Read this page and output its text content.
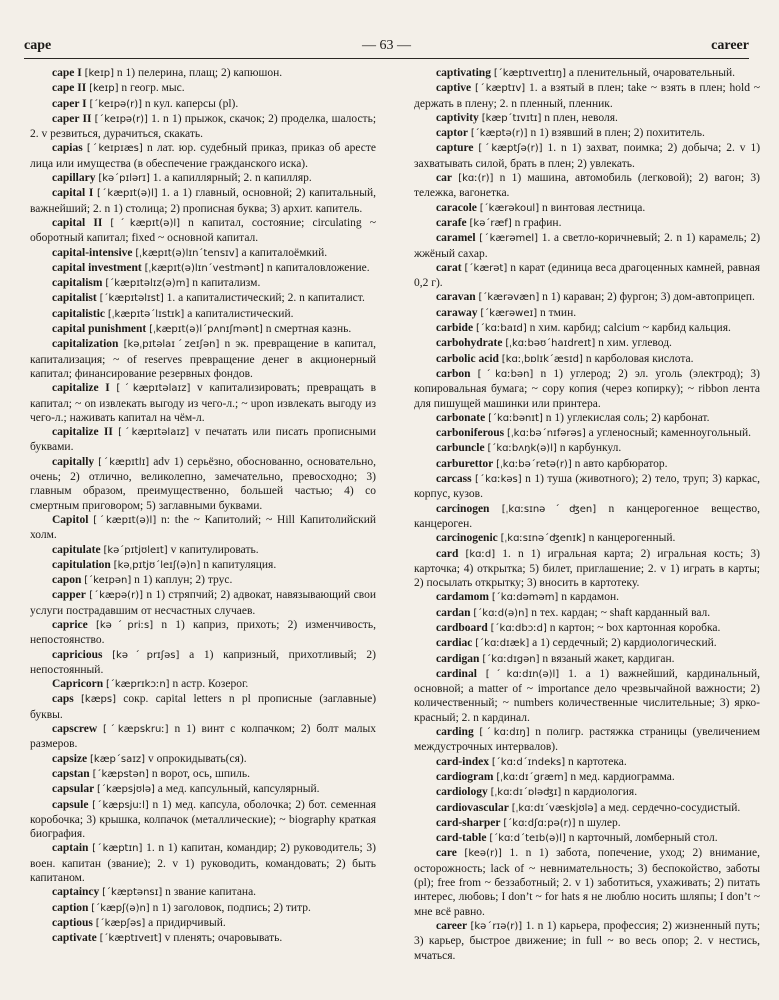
cape	— 63 —	career

cape I [keɪp] n 1) пелерина, плащ; 2) капюшон.

cape II [keɪp] n геогр. мыс.

caper I [ˊkeɪpə(r)] n кул. каперсы (pl).

caper II [ˊkeɪpə(r)] 1. n 1) прыжок, скачок; 2) проделка, шалость; 2. v резвиться, дурачиться, скакать.

capias [ˊkeɪpɪæs] n лат. юр. судебный приказ, приказ об аресте лица или имущества (в обеспечение гражданского иска).

capillary [kəˊpɪlərɪ] 1. a капиллярный; 2. n капилляр.

capital I [ˊkæpɪt(ə)l] 1. a 1) главный, основной; 2) капитальный, важнейший; 2. n 1) столица; 2) прописная буква; 3) архит. капитель.

capital II [ˊkæpɪt(ə)l] n капитал, состояние; circulating ~ оборотный капитал; fixed ~ основной капитал.

capital-intensive [ˌkæpɪt(ə)lɪnˊtensɪv] a капиталоёмкий.

capital investment [ˌkæpɪt(ə)lɪnˊvestmənt] n капиталовложение.

capitalism [ˊkæpɪtəlɪz(ə)m] n капитализм.

capitalist [ˊkæpɪtəlɪst] 1. a капиталистический; 2. n капиталист.

capitalistic [ˌkæpɪtəˊlɪstɪk] a капиталистический.

capital punishment [ˌkæpɪt(ə)lˊpʌnɪʃmənt] n смертная казнь.

capitalization [kəˌpɪtəlaɪˊzeɪʃən] n эк. превращение в капитал, капитализация; ~ of reserves превращение денег в акционерный капитал; финансирование резервных фондов.

capitalize I [ˊkæpɪtəlaɪz] v капитализировать; превращать в капитал; ~ on извлекать выгоду из чего-л.; ~ upon извлекать выгоду из чего-л.; наживать капитал на чём-л.

capitalize II [ˊkæpɪtəlaɪz] v печатать или писать прописными буквами.

capitally [ˊkæpɪtlɪ] adv 1) серьёзно, обоснованно, основательно, очень; 2) отлично, великолепно, замечательно, превосходно; 3) главным образом, преимущественно, большей частью; 4) со смертным приговором; 5) заглавными буквами.

Capitol [ˊkæpɪt(ə)l] n: the ~ Капитолий; ~ Hill Капитолийский холм.

capitulate [kəˊpɪtjʊleɪt] v капитулировать.

capitulation [kəˌpɪtjʊˊleɪʃ(ə)n] n капитуляция.

capon [ˊkeɪpən] n 1) каплун; 2) трус.

capper [ˊkæpə(r)] n 1) стряпчий; 2) адвокат, навязывающий свои услуги пострадавшим от несчастных случаев.

caprice [kəˊpriːs] n 1) каприз, прихоть; 2) изменчивость, непостоянство.

capricious [kəˊprɪʃəs] a 1) капризный, прихотливый; 2) непостоянный.

Capricorn [ˊkæprɪkɔːn] n астр. Козерог.

caps [kæps] сокр. capital letters n pl прописные (заглавные) буквы.

capscrew [ˊkæpskruː] n 1) винт с колпачком; 2) болт малых размеров.

capsize [kæpˊsaɪz] v опрокидывать(ся).

capstan [ˊkæpstən] n ворот, ось, шпиль.

capsular [ˊkæpsjʊlə] a мед. капсульный, капсулярный.

capsule [ˊkæpsjuːl] n 1) мед. капсула, оболочка; 2) бот. семенная коробочка; 3) крышка, колпачок (металлические); ~ biography краткая биография.

captain [ˊkæptɪn] 1. n 1) капитан, командир; 2) руководитель; 3) воен. капитан (звание); 2. v 1) руководить, командовать; 2) быть капитаном.

captaincy [ˊkæptənsɪ] n звание капитана.

caption [ˊkæpʃ(ə)n] n 1) заголовок, подпись; 2) титр.

captious [ˊkæpʃəs] a придирчивый.

captivate [ˊkæptɪveɪt] v пленять; очаровывать.

captivating [ˊkæptɪveɪtɪŋ] a пленительный, очаровательный.

captive [ˊkæptɪv] 1. a взятый в плен; take ~ взять в плен; hold ~ держать в плену; 2. n пленный, пленник.

captivity [kæpˊtɪvɪtɪ] n плен, неволя.

captor [ˊkæptə(r)] n 1) взявший в плен; 2) похититель.

capture [ˊkæptʃə(r)] 1. n 1) захват, поимка; 2) добыча; 2. v 1) захватывать силой, брать в плен; 2) увлекать.

car [kɑː(r)] n 1) машина, автомобиль (легковой); 2) вагон; 3) тележка, вагонетка.

caracole [ˊkærəkoul] n винтовая лестница.

carafe [kəˊræf] n графин.

caramel [ˊkærəmel] 1. a светло-коричневый; 2. n 1) карамель; 2) жжёный сахар.

carat [ˊkærət] n карат (единица веса драгоценных камней, равная 0,2 г).

caravan [ˊkærəvæn] n 1) караван; 2) фургон; 3) дом-автоприцеп.

caraway [ˊkærəweɪ] n тмин.

carbide [ˊkɑːbaɪd] n хим. карбид; calcium ~ карбид кальция.

carbohydrate [ˌkɑːbəʊˊhaɪdreɪt] n хим. углевод.

carbolic acid [kɑːˌbɒlɪkˊæsɪd] n карболовая кислота.

carbon [ˊkɑːbən] n 1) углерод; 2) эл. уголь (электрод); 3) копировальная бумага; ~ copy копия (через копирку); ~ ribbon лента для пишущей машинки или принтера.

carbonate [ˊkɑːbənɪt] n 1) углекислая соль; 2) карбонат.

carboniferous [ˌkɑːbəˊnɪfərəs] a угленосный; каменноугольный.

carbuncle [ˊkɑːbʌŋk(ə)l] n карбункул.

carburettor [ˌkɑːbəˊretə(r)] n авто карбюратор.

carcass [ˊkɑːkəs] n 1) туша (животного); 2) тело, труп; 3) каркас, корпус, кузов.

carcinogen [ˌkɑːsɪnəˊʤen] n канцерогенное вещество, канцероген.

carcinogenic [ˌkɑːsɪnəˊʤenɪk] n канцерогенный.

card [kɑːd] 1. n 1) игральная карта; 2) игральная кость; 3) карточка; 4) открытка; 5) билет, приглашение; 2. v 1) играть в карты; 2) посылать открытку; 3) вносить в картотеку.

cardamom [ˊkɑːdəməm] n кардамон.

cardan [ˊkɑːd(ə)n] n тех. кардан; ~ shaft карданный вал.

cardboard [ˊkɑːdbɔːd] n картон; ~ box картонная коробка.

cardiac [ˊkɑːdɪæk] a 1) сердечный; 2) кардиологический.

cardigan [ˊkɑːdɪgən] n вязаный жакет, кардиган.

cardinal [ˊkɑːdɪn(ə)l] 1. a 1) важнейший, кардинальный, основной; a matter of ~ importance дело чрезвычайной важности; 2) количественный; ~ numbers количественные числительные; 3) ярко-красный; 2. n кардинал.

carding [ˊkɑːdɪŋ] n полигр. растяжка страницы (увеличением междустрочных интервалов).

card-index [ˊkɑːdˊɪndeks] n картотека.

cardiogram [ˌkɑːdɪˊgræm] n мед. кардиограмма.

cardiology [ˌkɑːdɪˊɒləʤɪ] n кардиология.

cardiovascular [ˌkɑːdɪˊvæskjʊlə] a мед. сердечно-сосудистый.

card-sharper [ˊkɑːdʃɑːpə(r)] n шулер.

card-table [ˊkɑːdˊteɪb(ə)l] n карточный, ломберный стол.

care [keə(r)] 1. n 1) забота, попечение, уход; 2) внимание, осторожность; lack of ~ невнимательность; 3) беспокойство, заботы (pl); free from ~ беззаботный; 2. v 1) заботиться, ухаживать; 2) питать интерес, любовь; I don’t ~ for hats я не люблю носить шляпы; I don’t ~ мне всё равно.

career [kəˊrɪə(r)] 1. n 1) карьера, профессия; 2) жизненный путь; 3) карьер, быстрое движение; in full ~ во весь опор; 2. v нестись, мчаться.
